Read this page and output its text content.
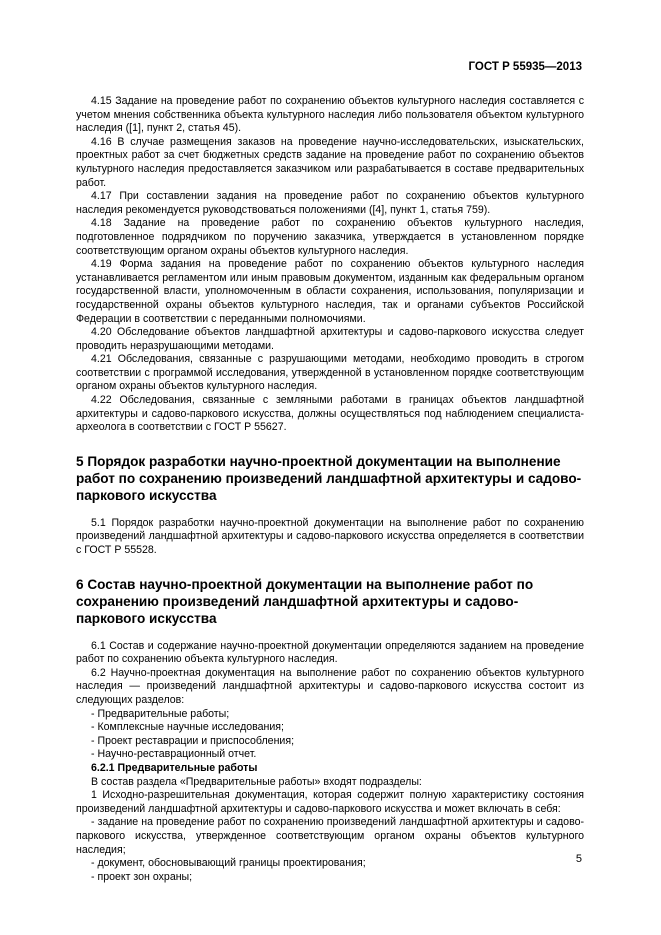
ГОСТ Р 55935—2013

4.15 Задание на проведение работ по сохранению объектов культурного наследия составляется с учетом мнения собственника объекта культурного наследия либо пользователя объектом культурного наследия ([1], пункт 2, статья 45).

4.16 В случае размещения заказов на проведение научно-исследовательских, изыскательских, проектных работ за счет бюджетных средств задание на проведение работ по сохранению объектов культурного наследия предоставляется заказчиком или разрабатывается в составе предварительных работ.

4.17 При составлении задания на проведение работ по сохранению объектов культурного наследия рекомендуется руководствоваться положениями ([4], пункт 1, статья 759).

4.18 Задание на проведение работ по сохранению объектов культурного наследия, подготовленное подрядчиком по поручению заказчика, утверждается в установленном порядке соответствующим органом охраны объектов культурного наследия.

4.19 Форма задания на проведение работ по сохранению объектов культурного наследия устанавливается регламентом или иным правовым документом, изданным как федеральным органом государственной власти, уполномоченным в области сохранения, использования, популяризации и государственной охраны объектов культурного наследия, так и органами субъектов Российской Федерации в соответствии с переданными полномочиями.

4.20 Обследование объектов ландшафтной архитектуры и садово-паркового искусства следует проводить неразрушающими методами.

4.21 Обследования, связанные с разрушающими методами, необходимо проводить в строгом соответствии с программой исследования, утвержденной в установленном порядке соответствующим органом охраны объектов культурного наследия.

4.22 Обследования, связанные с земляными работами в границах объектов ландшафтной архитектуры и садово-паркового искусства, должны осуществляться под наблюдением специалиста-археолога в соответствии с ГОСТ Р 55627.

5 Порядок разработки научно-проектной документации на выполнение работ по сохранению произведений ландшафтной архитектуры и садово-паркового искусства

5.1 Порядок разработки научно-проектной документации на выполнение работ по сохранению произведений ландшафтной архитектуры и садово-паркового искусства определяется в соответствии с ГОСТ Р 55528.

6 Состав научно-проектной документации на выполнение работ по сохранению произведений ландшафтной архитектуры и садово-паркового искусства

6.1 Состав и содержание научно-проектной документации определяются заданием на проведение работ по сохранению объекта культурного наследия.

6.2 Научно-проектная документация на выполнение работ по сохранению объектов культурного наследия — произведений ландшафтной архитектуры и садово-паркового искусства состоит из следующих разделов:

- Предварительные работы;

- Комплексные научные исследования;

- Проект реставрации и приспособления;

- Научно-реставрационный отчет.

6.2.1 Предварительные работы

В состав раздела «Предварительные работы» входят подразделы:

1 Исходно-разрешительная документация, которая содержит полную характеристику состояния произведений ландшафтной архитектуры и садово-паркового искусства и может включать в себя:

- задание на проведение работ по сохранению произведений ландшафтной архитектуры и садово-паркового искусства, утвержденное соответствующим органом охраны объектов культурного наследия;

- документ, обосновывающий границы проектирования;

- проект зон охраны;

5
